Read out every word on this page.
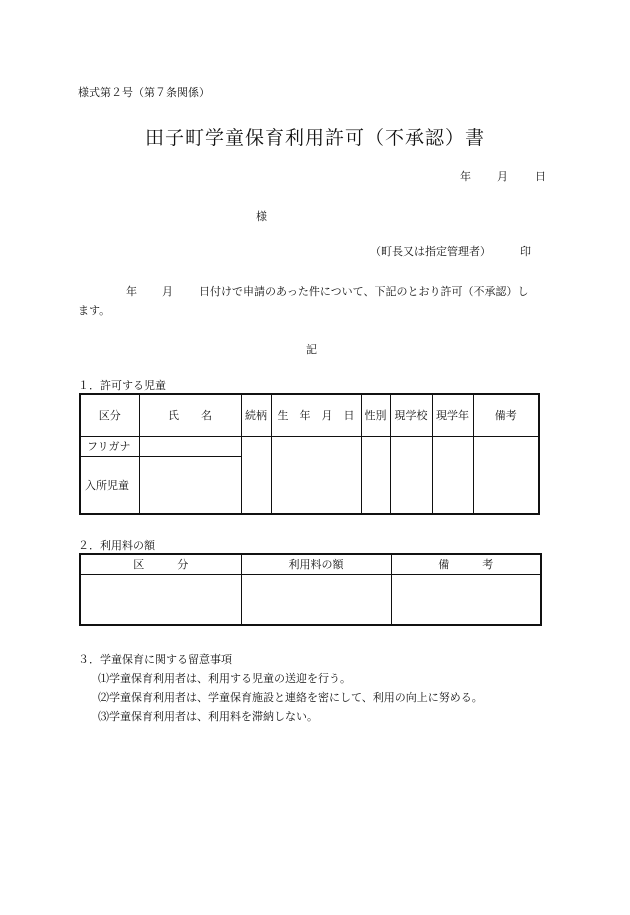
様式第２号（第７条関係）
田子町学童保育利用許可（不承認）書
年 月 日
様
（町長又は指定管理者）	印
年 月 日付けで申請のあった件について、下記のとおり許可（不承認）し
ます。
記
１．許可する児童
区分	氏　　名	続柄	生　年　月　日	性別	現学校	現学年	備考
フリガナ							
入所児童							
２．利用料の額
区　　　分	利用料の額	備　　　考

３．学童保育に関する留意事項
⑴学童保育利用者は、利用する児童の送迎を行う。
⑵学童保育利用者は、学童保育施設と連絡を密にして、利用の向上に努める。
⑶学童保育利用者は、利用料を滞納しない。
